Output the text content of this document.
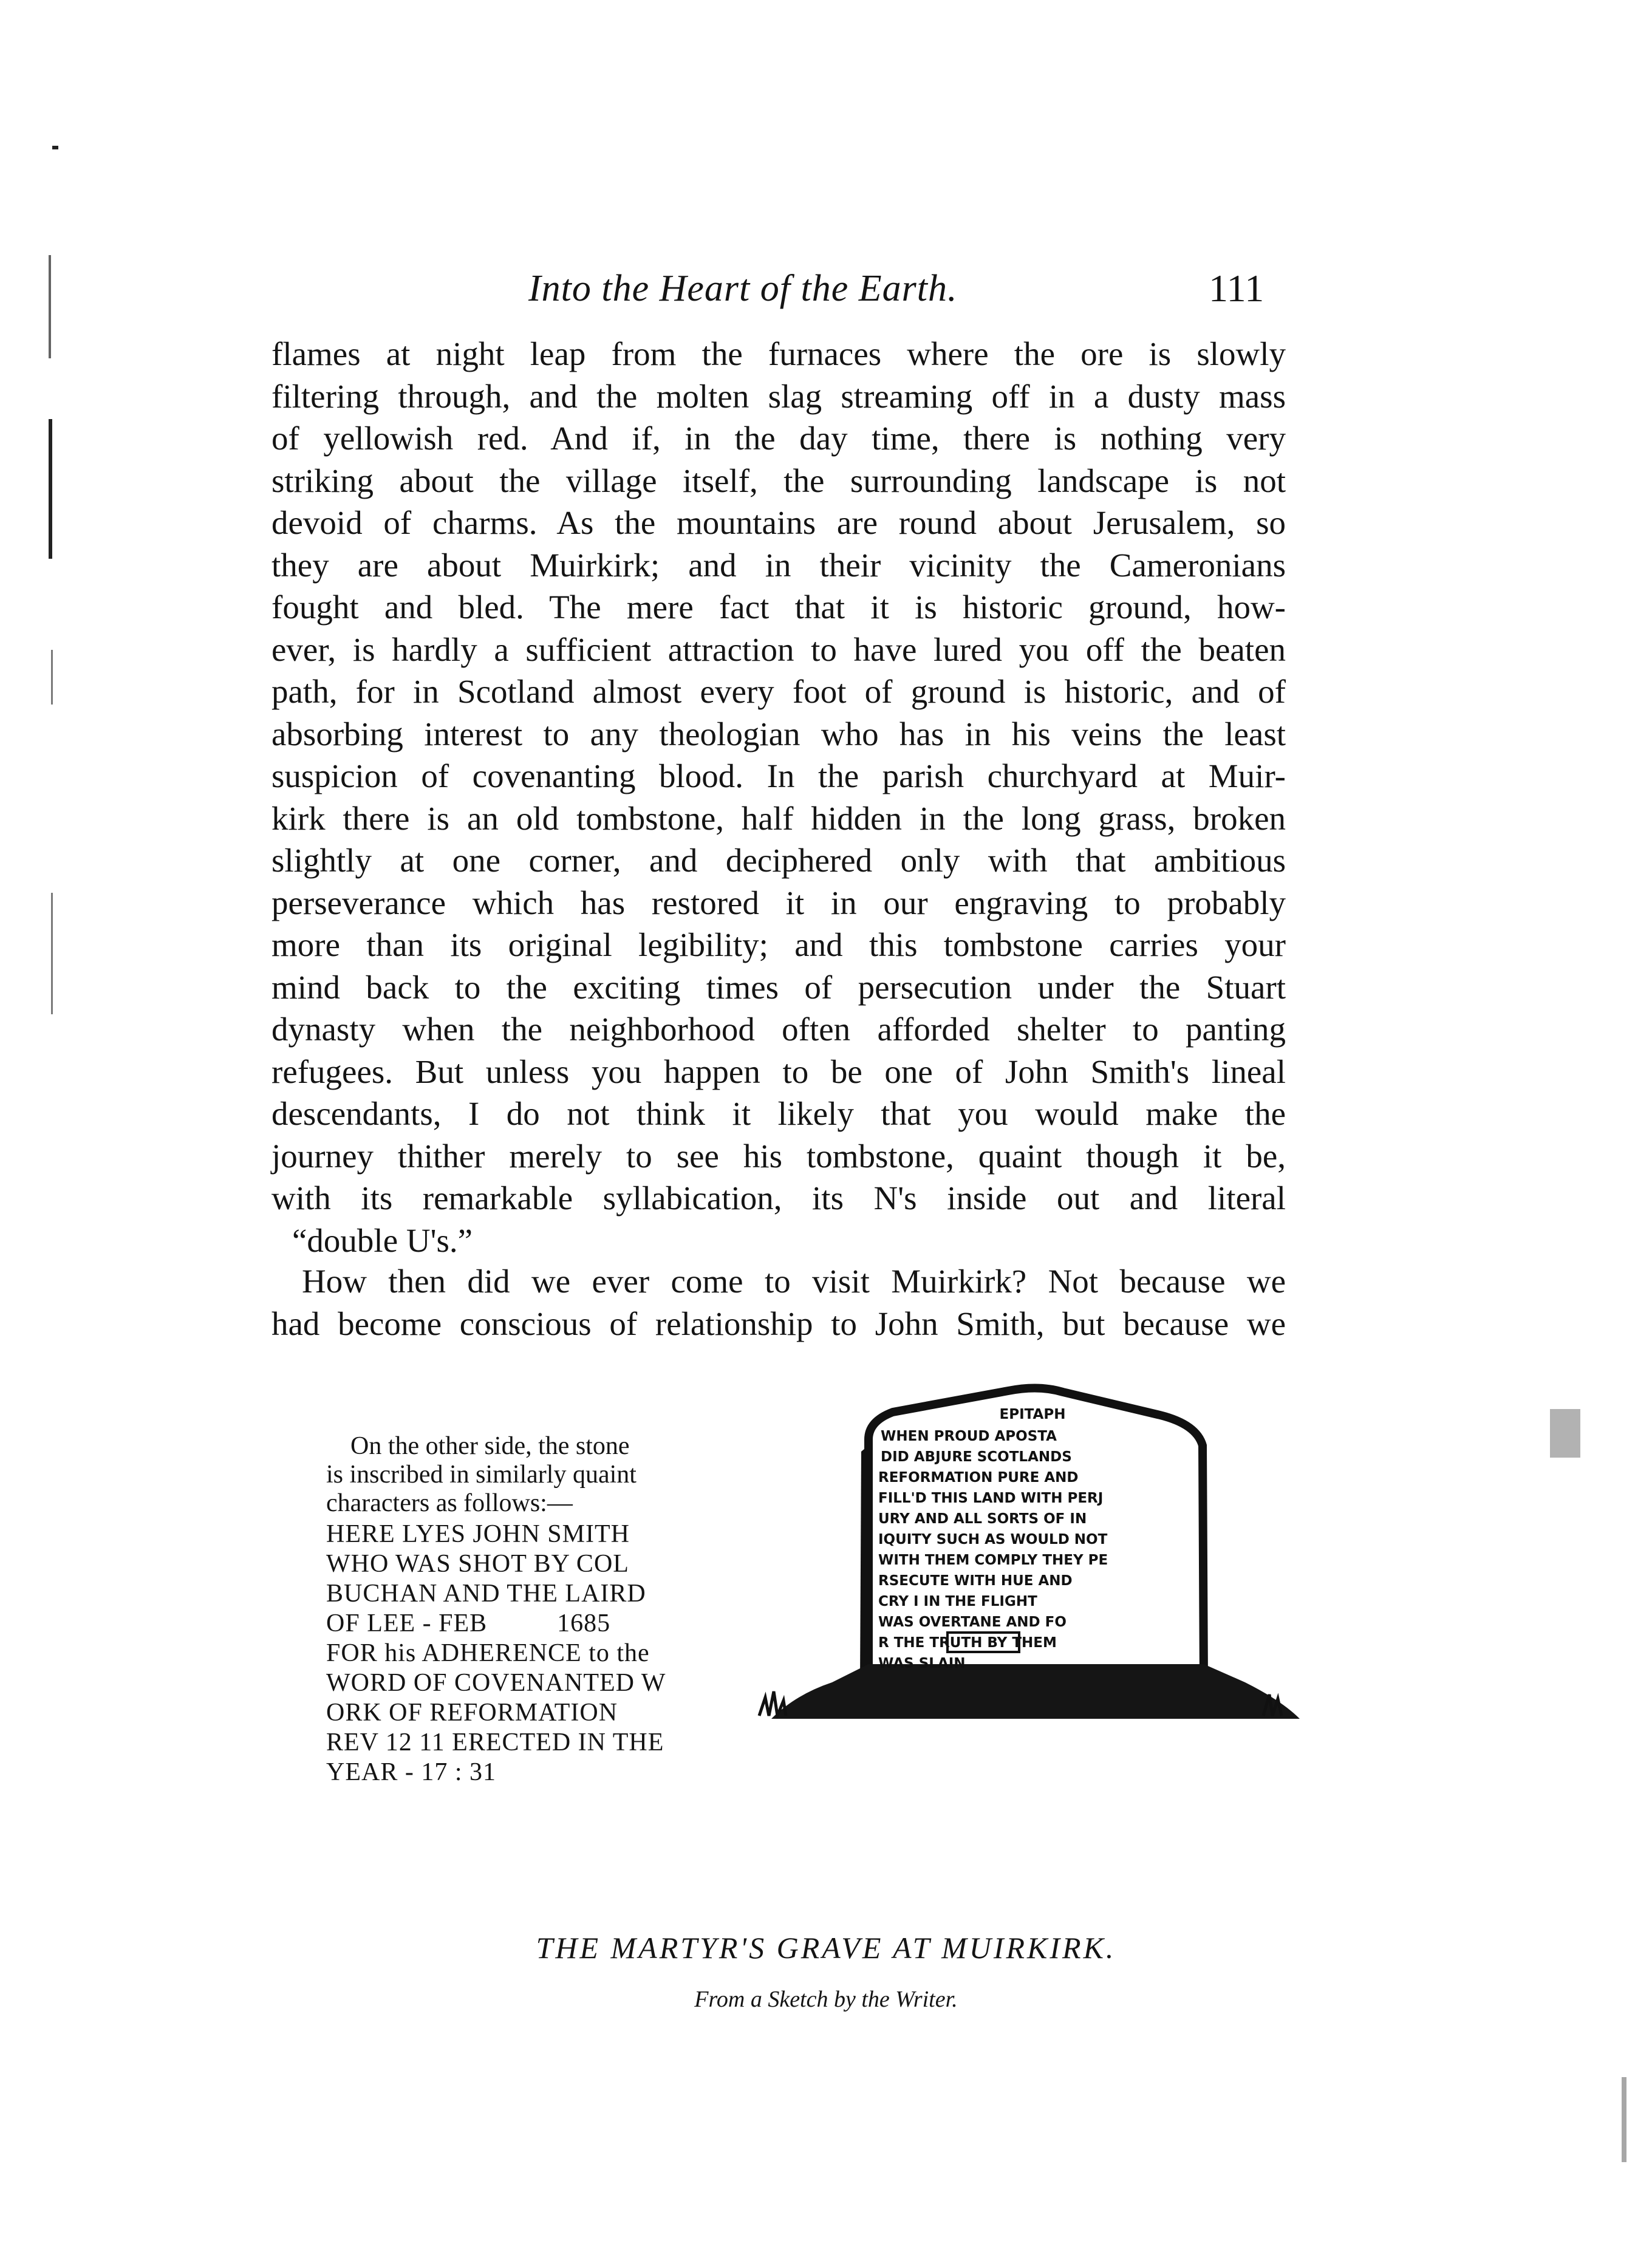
Into the Heart of the Earth.	111

flames at night leap from the furnaces where the ore is slowly

filtering through, and the molten slag streaming off in a dusty mass

of yellowish red. And if, in the day time, there is nothing very

striking about the village itself, the surrounding landscape is not

devoid of charms. As the mountains are round about Jerusalem, so

they are about Muirkirk; and in their vicinity the Cameronians

fought and bled. The mere fact that it is historic ground, how-

ever, is hardly a sufficient attraction to have lured you off the beaten

path, for in Scotland almost every foot of ground is historic, and of

absorbing interest to any theologian who has in his veins the least

suspicion of covenanting blood. In the parish churchyard at Muir-

kirk there is an old tombstone, half hidden in the long grass, broken

slightly at one corner, and deciphered only with that ambitious

perseverance which has restored it in our engraving to probably

more than its original legibility; and this tombstone carries your

mind back to the exciting times of persecution under the Stuart

dynasty when the neighborhood often afforded shelter to panting

refugees. But unless you happen to be one of John Smith's lineal

descendants, I do not think it likely that you would make the

journey thither merely to see his tombstone, quaint though it be,

with its remarkable syllabication, its N's inside out and literal

“double U's.”

How then did we ever come to visit Muirkirk? Not because we

had become conscious of relationship to John Smith, but because we

On the other side, the stone

is inscribed in similarly quaint

characters as follows:—

HERE LYES JOHN SMITH

WHO WAS SHOT BY COL

BUCHAN AND THE LAIRD

OF LEE - FEB          1685

FOR his ADHERENCE to the

WORD OF COVENANTED W

ORK OF REFORMATION

REV 12 11 ERECTED IN THE

YEAR - 17 : 31

EPITAPH
WHEN PROUD APOSTA
DID ABJURE SCOTLANDS
REFORMATION PURE AND
FILL'D THIS LAND WITH PERJ
URY AND ALL SORTS OF IN
IQUITY SUCH AS WOULD NOT
WITH THEM COMPLY THEY PE
RSECUTE WITH HUE AND
CRY I IN THE FLIGHT
WAS OVERTANE AND FO
R THE TRUTH BY THEM
WAS SLAIN
THE MARTYR'S GRAVE AT MUIRKIRK.
From a Sketch by the Writer.
